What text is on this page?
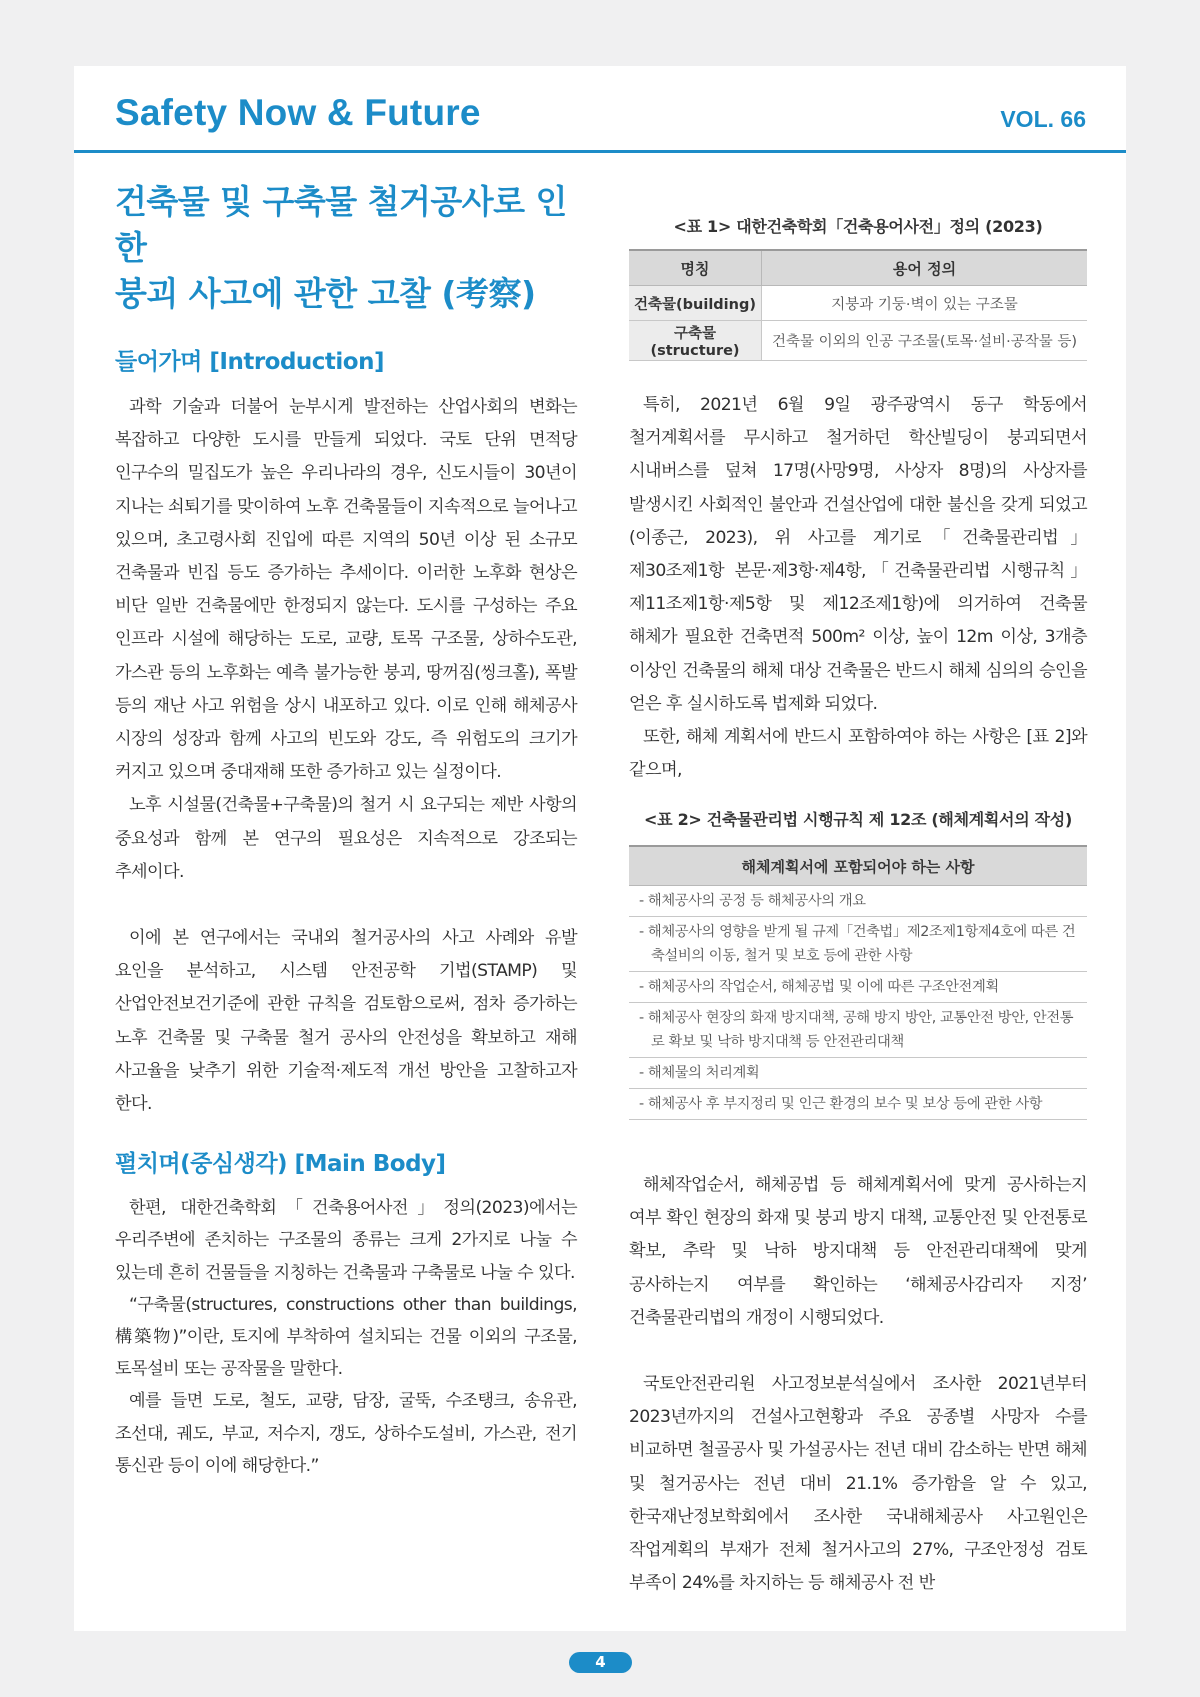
Safety Now & Future	VOL. 66
건축물 및 구축물 철거공사로 인한
붕괴 사고에 관한 고찰 (考察)
들어가며 [Introduction]

과학 기술과 더불어 눈부시게 발전하는 산업사회의 변화는 복잡하고 다양한 도시를 만들게 되었다. 국토 단위 면적당 인구수의 밀집도가 높은 우리나라의 경우, 신도시들이 30년이 지나는 쇠퇴기를 맞이하여 노후 건축물들이 지속적으로 늘어나고 있으며, 초고령사회 진입에 따른 지역의 50년 이상 된 소규모 건축물과 빈집 등도 증가하는 추세이다. 이러한 노후화 현상은 비단 일반 건축물에만 한정되지 않는다. 도시를 구성하는 주요 인프라 시설에 해당하는 도로, 교량, 토목 구조물, 상하수도관, 가스관 등의 노후화는 예측 불가능한 붕괴, 땅꺼짐(씽크홀), 폭발 등의 재난 사고 위험을 상시 내포하고 있다. 이로 인해 해체공사 시장의 성장과 함께 사고의 빈도와 강도, 즉 위험도의 크기가 커지고 있으며 중대재해 또한 증가하고 있는 실정이다.

노후 시설물(건축물+구축물)의 철거 시 요구되는 제반 사항의 중요성과 함께 본 연구의 필요성은 지속적으로 강조되는 추세이다.

이에 본 연구에서는 국내외 철거공사의 사고 사례와 유발 요인을 분석하고, 시스템 안전공학 기법(STAMP) 및 산업안전보건기준에 관한 규칙을 검토함으로써, 점차 증가하는 노후 건축물 및 구축물 철거 공사의 안전성을 확보하고 재해 사고율을 낮추기 위한 기술적·제도적 개선 방안을 고찰하고자 한다.

펼치며(중심생각) [Main Body]

한편, 대한건축학회「건축용어사전」정의(2023)에서는 우리주변에 존치하는 구조물의 종류는 크게 2가지로 나눌 수 있는데 흔히 건물들을 지칭하는 건축물과 구축물로 나눌 수 있다.

“구축물(structures, constructions other than buildings, 構築物)”이란, 토지에 부착하여 설치되는 건물 이외의 구조물, 토목설비 또는 공작물을 말한다.

예를 들면 도로, 철도, 교량, 담장, 굴뚝, 수조탱크, 송유관, 조선대, 궤도, 부교, 저수지, 갱도, 상하수도설비, 가스관, 전기 통신관 등이 이에 해당한다.”

<표 1> 대한건축학회「건축용어사전」정의 (2023)
명칭	용어 정의
건축물(building)	지붕과 기둥·벽이 있는 구조물
구축물(structure)	건축물 이외의 인공 구조물(토목·설비·공작물 등)

특히, 2021년 6월 9일 광주광역시 동구 학동에서 철거계획서를 무시하고 철거하던 학산빌딩이 붕괴되면서 시내버스를 덮쳐 17명(사망9명, 사상자 8명)의 사상자를 발생시킨 사회적인 불안과 건설산업에 대한 불신을 갖게 되었고(이종근, 2023), 위 사고를 계기로「건축물관리법」제30조제1항 본문·제3항·제4항,「건축물관리법 시행규칙」제11조제1항·제5항 및 제12조제1항)에 의거하여 건축물 해체가 필요한 건축면적 500m² 이상, 높이 12m 이상, 3개층 이상인 건축물의 해체 대상 건축물은 반드시 해체 심의의 승인을 얻은 후 실시하도록 법제화 되었다.

또한, 해체 계획서에 반드시 포함하여야 하는 사항은 [표 2]와 같으며,

<표 2> 건축물관리법 시행규칙 제 12조 (해체계획서의 작성)
해체계획서에 포함되어야 하는 사항

- 해체공사의 공정 등 해체공사의 개요

- 해체공사의 영향을 받게 될 규제「건축법」제2조제1항제4호에 따른 건축설비의 이동, 철거 및 보호 등에 관한 사항

- 해체공사의 작업순서, 해체공법 및 이에 따른 구조안전계획

- 해체공사 현장의 화재 방지대책, 공해 방지 방안, 교통안전 방안, 안전통로 확보 및 낙하 방지대책 등 안전관리대책

- 해체물의 처리계획

- 해체공사 후 부지정리 및 인근 환경의 보수 및 보상 등에 관한 사항

해체작업순서, 해체공법 등 해체계획서에 맞게 공사하는지 여부 확인 현장의 화재 및 붕괴 방지 대책, 교통안전 및 안전통로 확보, 추락 및 낙하 방지대책 등 안전관리대책에 맞게 공사하는지 여부를 확인하는 ‘해체공사감리자 지정’ 건축물관리법의 개정이 시행되었다.

국토안전관리원 사고정보분석실에서 조사한 2021년부터 2023년까지의 건설사고현황과 주요 공종별 사망자 수를 비교하면 철골공사 및 가설공사는 전년 대비 감소하는 반면 해체 및 철거공사는 전년 대비 21.1% 증가함을 알 수 있고, 한국재난정보학회에서 조사한 국내해체공사 사고원인은 작업계획의 부재가 전체 철거사고의 27%, 구조안정성 검토 부족이 24%를 차지하는 등 해체공사 전 반

4
